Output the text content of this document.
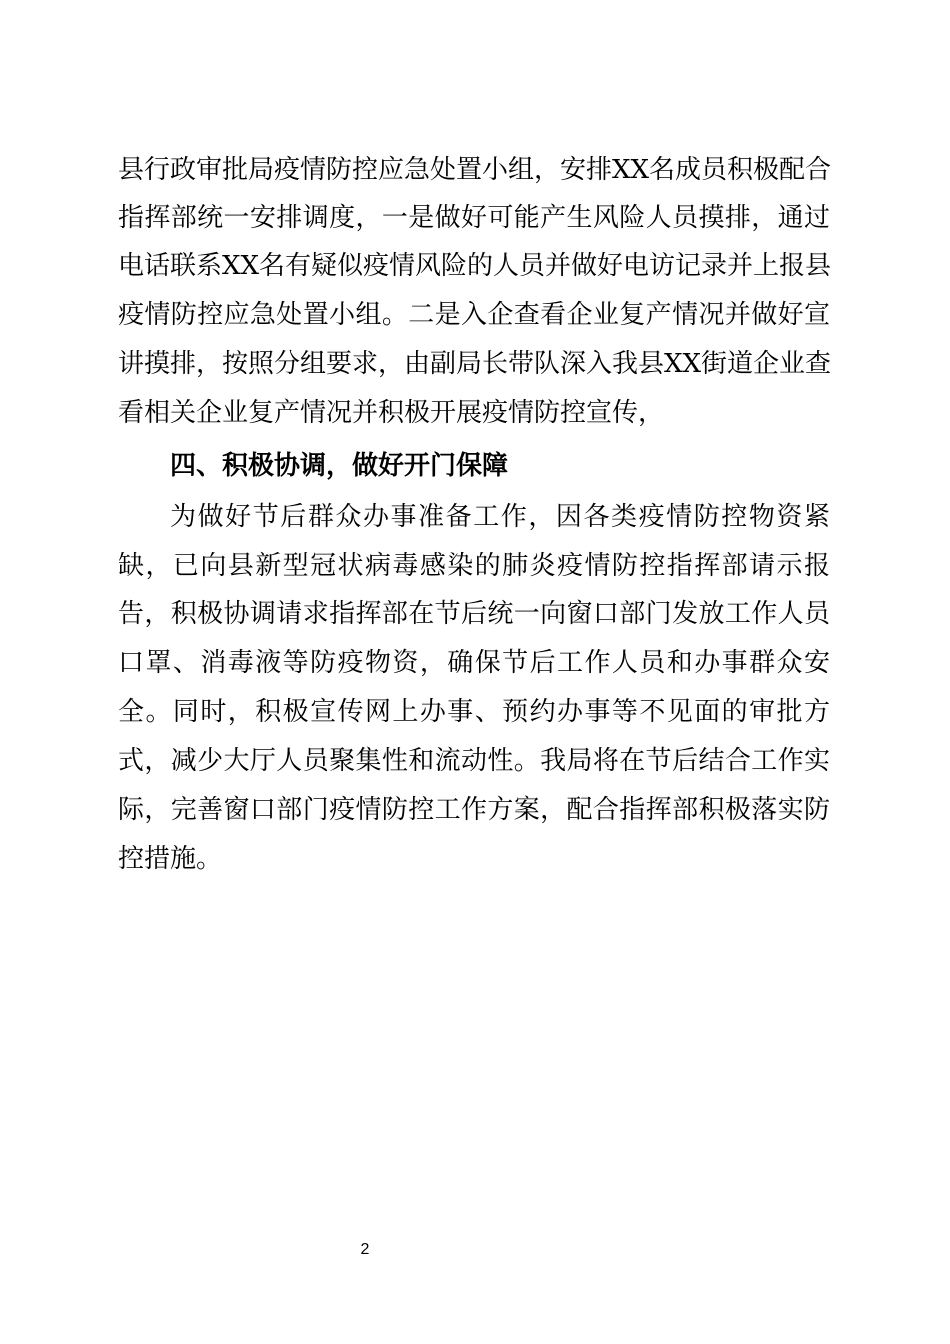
县行政审批局疫情防控应急处置小组，安排XX名成员积极配合
指挥部统一安排调度，一是做好可能产生风险人员摸排，通过
电话联系XX名有疑似疫情风险的人员并做好电访记录并上报县
疫情防控应急处置小组。二是入企查看企业复产情况并做好宣
讲摸排，按照分组要求，由副局长带队深入我县XX街道企业查
看相关企业复产情况并积极开展疫情防控宣传，
四、积极协调，做好开门保障
为做好节后群众办事准备工作，因各类疫情防控物资紧
缺，已向县新型冠状病毒感染的肺炎疫情防控指挥部请示报
告，积极协调请求指挥部在节后统一向窗口部门发放工作人员
口罩、消毒液等防疫物资，确保节后工作人员和办事群众安
全。同时，积极宣传网上办事、预约办事等不见面的审批方
式，减少大厅人员聚集性和流动性。我局将在节后结合工作实
际，完善窗口部门疫情防控工作方案，配合指挥部积极落实防
控措施。
2
